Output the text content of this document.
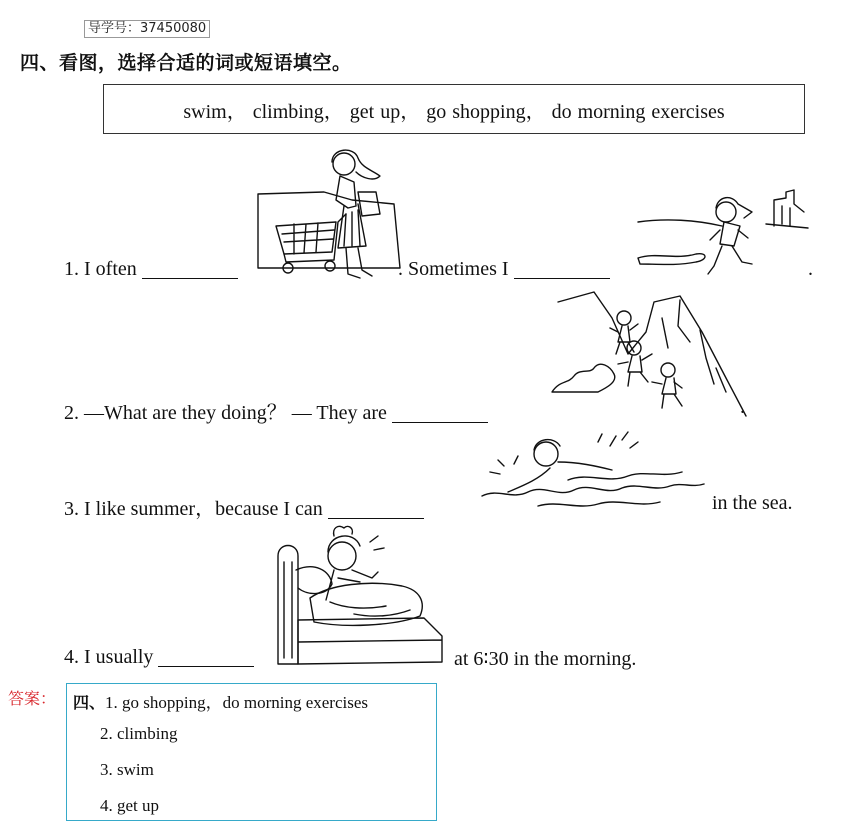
导学号：37450080
四、看图，选择合适的词或短语填空。
swim， climbing， get up， go shopping， do morning exercises
1. I often	. Sometimes I	.
2. —What are they doing？ — They are	.
3. I like summer，because I can	in the sea.
4. I usually	at 6∶30 in the morning.
答案： 四、1. go shopping，do morning exercises
2. climbing
3. swim
4. get up
